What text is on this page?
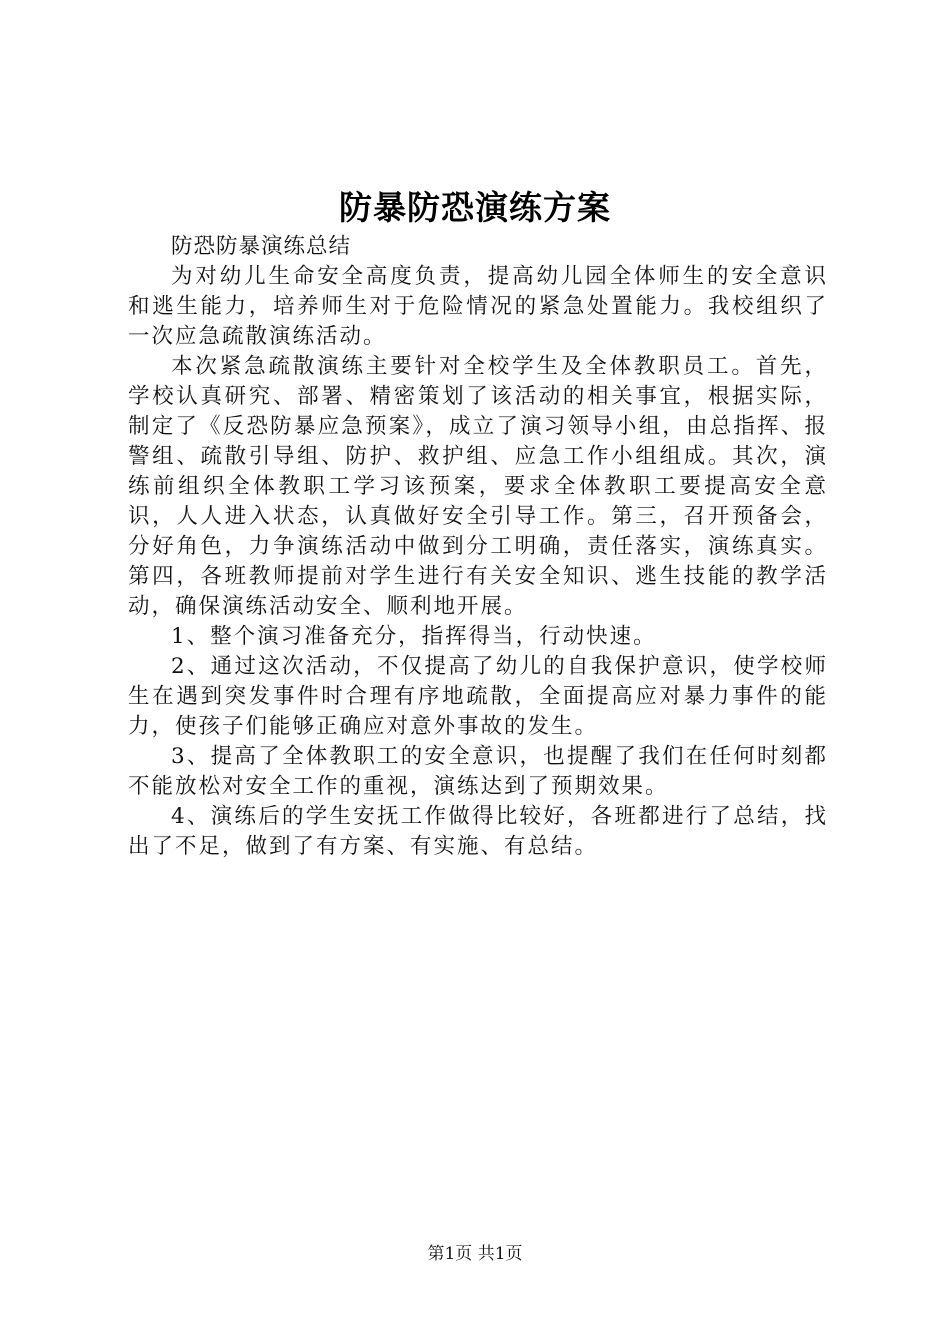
防暴防恐演练方案

防恐防暴演练总结

为对幼儿生命安全高度负责，提高幼儿园全体师生的安全意识和逃生能力，培养师生对于危险情况的紧急处置能力。我校组织了一次应急疏散演练活动。

本次紧急疏散演练主要针对全校学生及全体教职员工。首先，学校认真研究、部署、精密策划了该活动的相关事宜，根据实际，制定了《反恐防暴应急预案》，成立了演习领导小组，由总指挥、报警组、疏散引导组、防护、救护组、应急工作小组组成。其次，演练前组织全体教职工学习该预案，要求全体教职工要提高安全意识，人人进入状态，认真做好安全引导工作。第三，召开预备会，分好角色，力争演练活动中做到分工明确，责任落实，演练真实。第四，各班教师提前对学生进行有关安全知识、逃生技能的教学活动，确保演练活动安全、顺利地开展。

1、整个演习准备充分，指挥得当，行动快速。

2、通过这次活动，不仅提高了幼儿的自我保护意识，使学校师生在遇到突发事件时合理有序地疏散，全面提高应对暴力事件的能力，使孩子们能够正确应对意外事故的发生。

3、提高了全体教职工的安全意识，也提醒了我们在任何时刻都不能放松对安全工作的重视，演练达到了预期效果。

4、演练后的学生安抚工作做得比较好，各班都进行了总结，找出了不足，做到了有方案、有实施、有总结。

第1页 共1页
